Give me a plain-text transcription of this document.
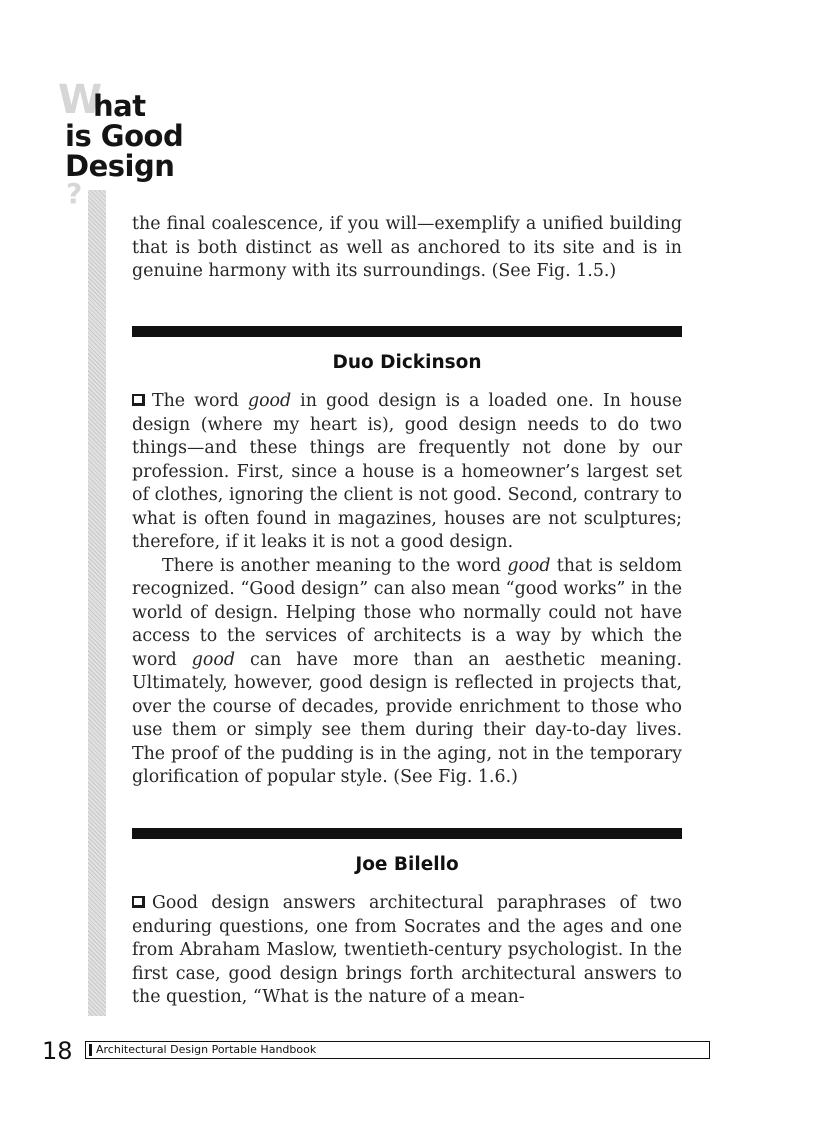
W
?
hat
is Good
Design

the final coalescence, if you will—exemplify a unified building that is both distinct as well as anchored to its site and is in genuine harmony with its surroundings. (See Fig. 1.5.)

Duo Dickinson

The word good in good design is a loaded one. In house design (where my heart is), good design needs to do two things—and these things are frequently not done by our profession. First, since a house is a homeowner’s largest set of clothes, ignoring the client is not good. Second, contrary to what is often found in magazines, houses are not sculptures; therefore, if it leaks it is not a good design.

There is another meaning to the word good that is seldom recognized. “Good design” can also mean “good works” in the world of design. Helping those who normally could not have access to the services of architects is a way by which the word good can have more than an aesthetic meaning. Ultimately, however, good design is reflected in projects that, over the course of decades, provide enrichment to those who use them or simply see them during their day-to-day lives. The proof of the pudding is in the aging, not in the temporary glorification of popular style. (See Fig. 1.6.)

Joe Bilello

Good design answers architectural paraphrases of two enduring questions, one from Socrates and the ages and one from Abraham Maslow, twentieth-century psychologist. In the first case, good design brings forth architectural answers to the question, “What is the nature of a mean-

18	Architectural Design Portable Handbook
